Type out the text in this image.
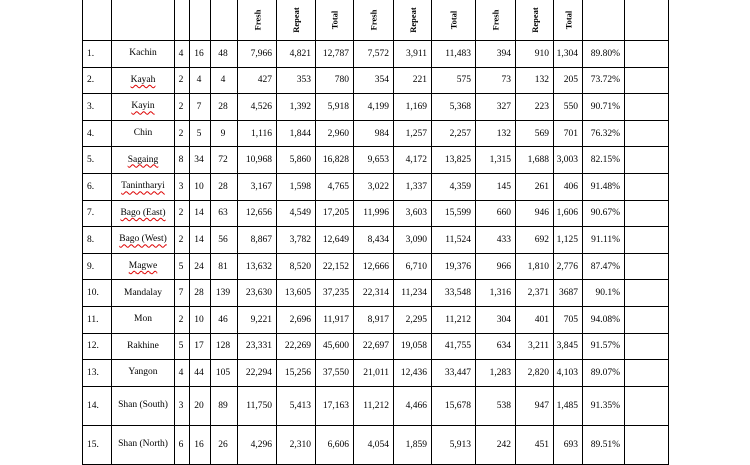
					Fresh	Repeat	Total	Fresh	Repeat	Total	Fresh	Repeat	Total		
1.	Kachin	4	16	48	7,966	4,821	12,787	7,572	3,911	11,483	394	910	1,304	89.80%	
2.	Kayah	2	4	4	427	353	780	354	221	575	73	132	205	73.72%	
3.	Kayin	2	7	28	4,526	1,392	5,918	4,199	1,169	5,368	327	223	550	90.71%	
4.	Chin	2	5	9	1,116	1,844	2,960	984	1,257	2,257	132	569	701	76.32%	
5.	Sagaing	8	34	72	10,968	5,860	16,828	9,653	4,172	13,825	1,315	1,688	3,003	82.15%	
6.	Tanintharyi	3	10	28	3,167	1,598	4,765	3,022	1,337	4,359	145	261	406	91.48%	
7.	Bago (East)	2	14	63	12,656	4,549	17,205	11,996	3,603	15,599	660	946	1,606	90.67%	
8.	Bago (West)	2	14	56	8,867	3,782	12,649	8,434	3,090	11,524	433	692	1,125	91.11%	
9.	Magwe	5	24	81	13,632	8,520	22,152	12,666	6,710	19,376	966	1,810	2,776	87.47%	
10.	Mandalay	7	28	139	23,630	13,605	37,235	22,314	11,234	33,548	1,316	2,371	3687	90.1%	
11.	Mon	2	10	46	9,221	2,696	11,917	8,917	2,295	11,212	304	401	705	94.08%	
12.	Rakhine	5	17	128	23,331	22,269	45,600	22,697	19,058	41,755	634	3,211	3,845	91.57%	
13.	Yangon	4	44	105	22,294	15,256	37,550	21,011	12,436	33,447	1,283	2,820	4,103	89.07%	
14.	Shan (South)	3	20	89	11,750	5,413	17,163	11,212	4,466	15,678	538	947	1,485	91.35%	
15.	Shan (North)	6	16	26	4,296	2,310	6,606	4,054	1,859	5,913	242	451	693	89.51%	
